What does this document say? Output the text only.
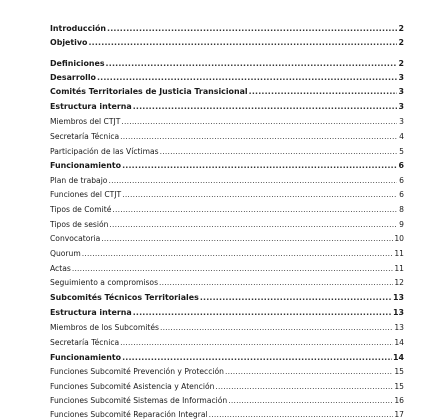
Introducción .....	2
Objetivo .....	2
Definiciones .....	2
Desarrollo .....	3
Comités Territoriales de Justicia Transicional .....	3
Estructura interna .....	3
Miembros del CTJT .....	3
Secretaría Técnica .....	4
Participación de las Víctimas .....	5
Funcionamiento .....	6
Plan de trabajo .....	6
Funciones del CTJT .....	6
Tipos de Comité .....	8
Tipos de sesión .....	9
Convocatoria .....	10
Quorum .....	11
Actas .....	11
Seguimiento a compromisos .....	12
Subcomités Técnicos Territoriales .....	13
Estructura interna .....	13
Miembros de los Subcomités .....	13
Secretaría Técnica .....	14
Funcionamiento .....	14
Funciones Subcomité Prevención y Protección .....	15
Funciones Subcomité Asistencia y Atención .....	15
Funciones Subcomité Sistemas de Información .....	16
Funciones Subcomité Reparación Integral .....	17
